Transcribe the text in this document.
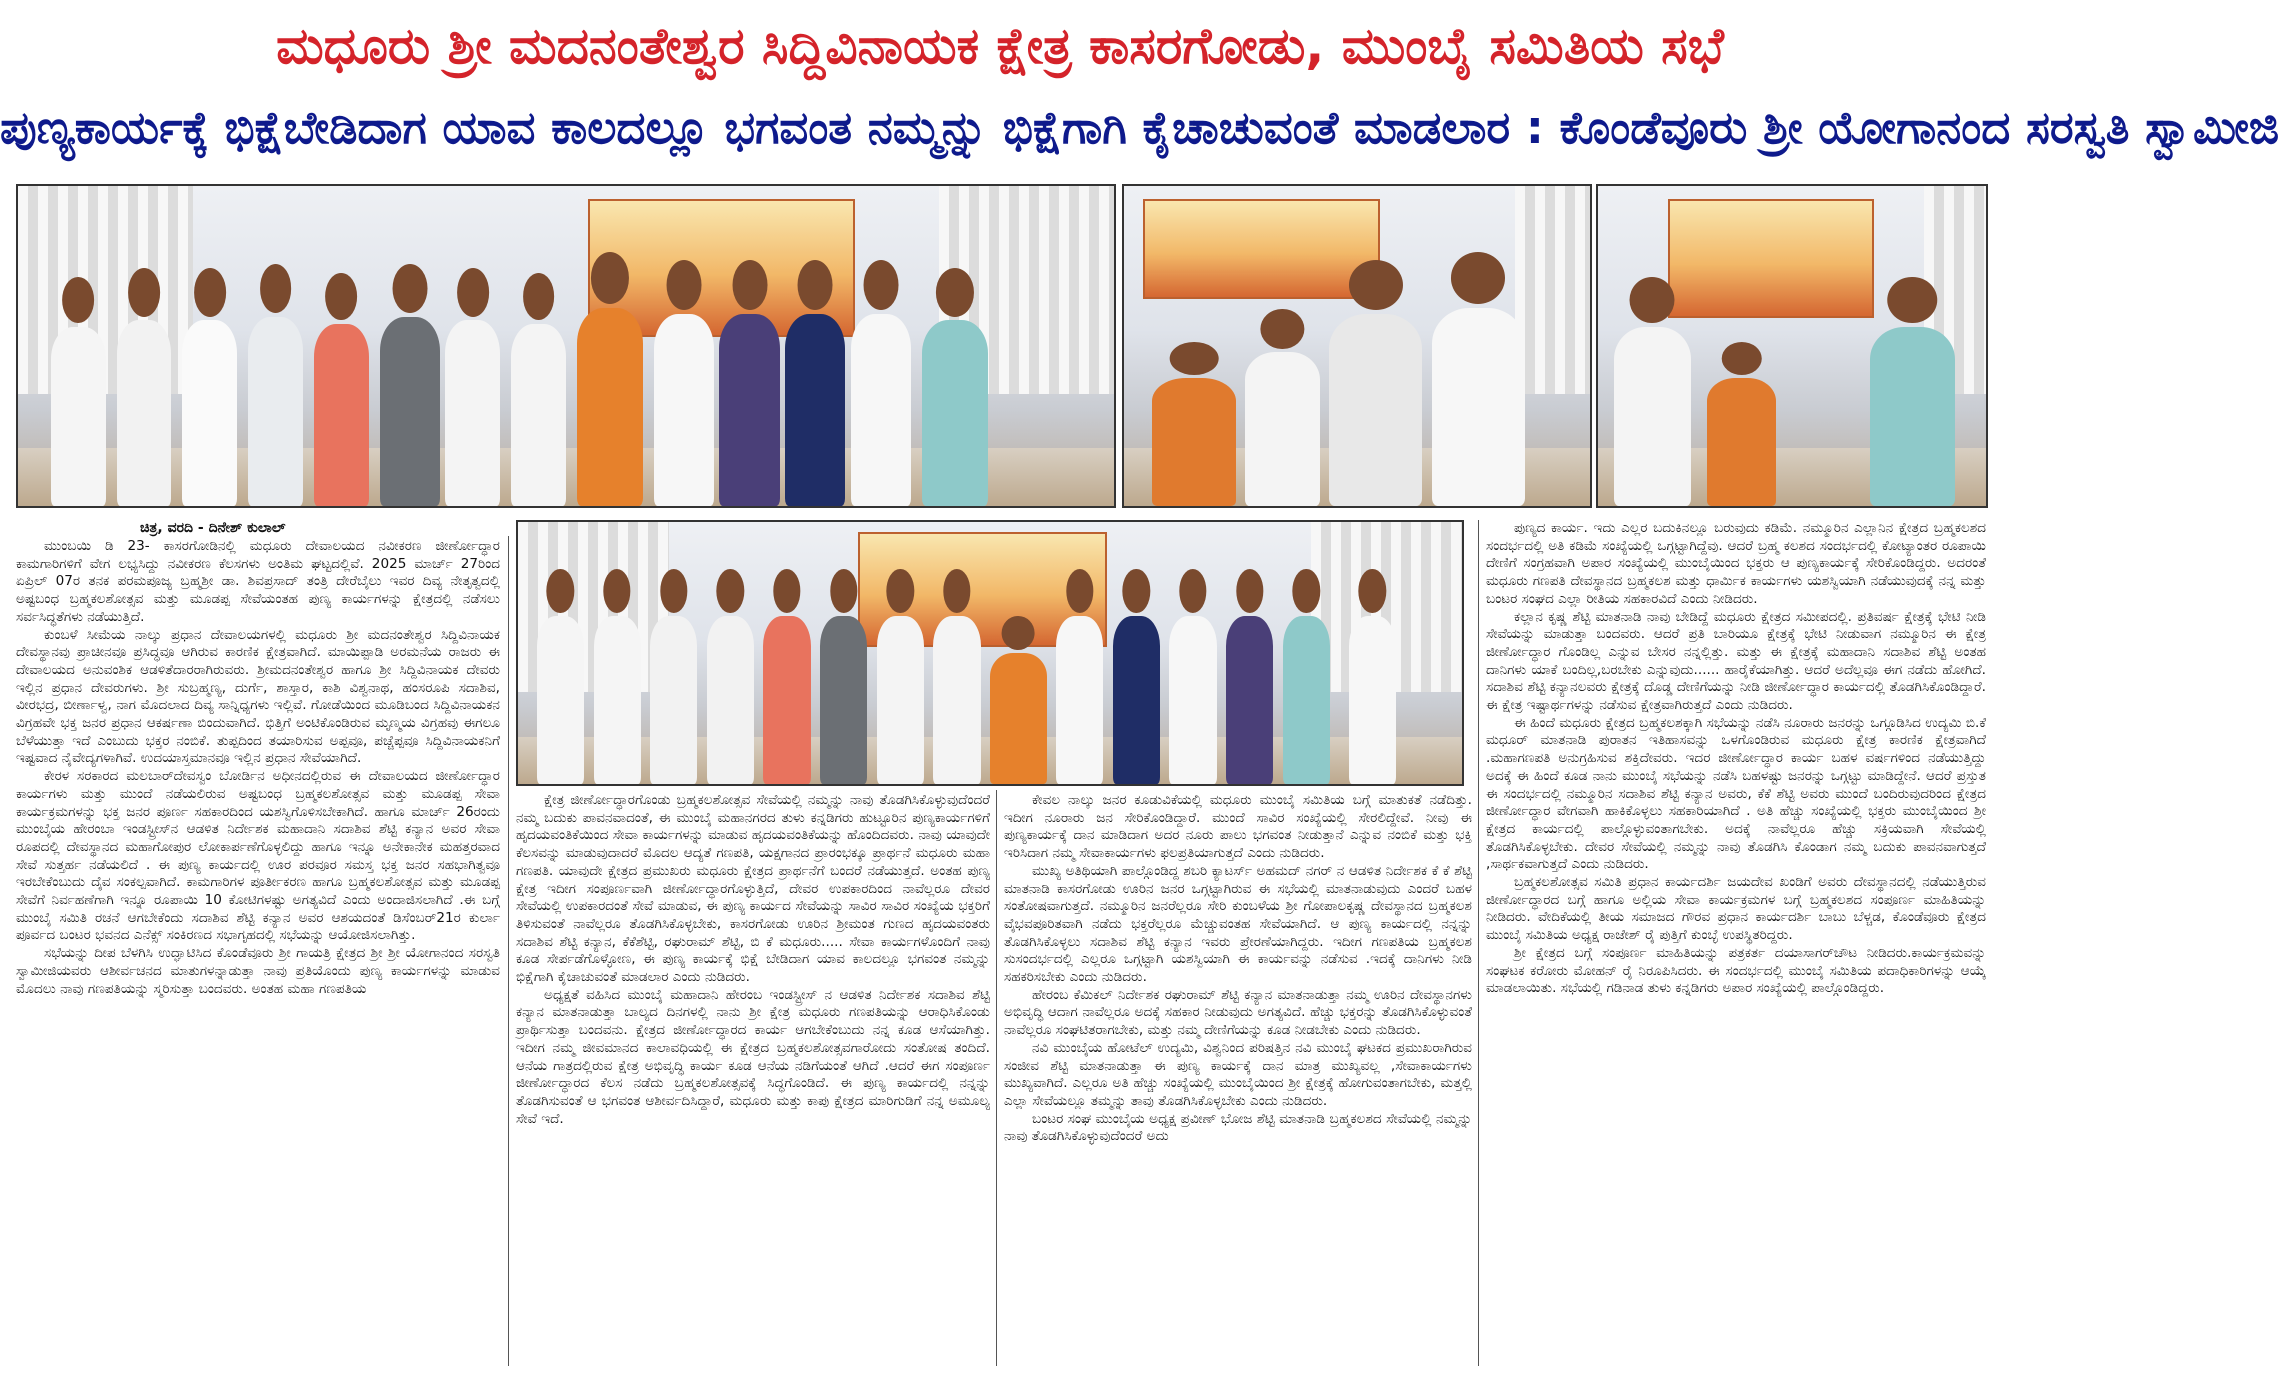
ಮಧೂರು ಶ್ರೀ ಮದನಂತೇಶ್ವರ ಸಿದ್ದಿವಿನಾಯಕ ಕ್ಷೇತ್ರ ಕಾಸರಗೋಡು, ಮುಂಬೈ ಸಮಿತಿಯ ಸಭೆ
ಪುಣ್ಯಕಾರ್ಯಕ್ಕೆ ಭಿಕ್ಷೆಬೇಡಿದಾಗ ಯಾವ ಕಾಲದಲ್ಲೂ ಭಗವಂತ ನಮ್ಮನ್ನು ಭಿಕ್ಷೆಗಾಗಿ ಕೈಚಾಚುವಂತೆ ಮಾಡಲಾರ : ಕೊಂಡೆವೂರು ಶ್ರೀ ಯೋಗಾನಂದ ಸರಸ್ವತಿ ಸ್ವಾಮೀಜಿ
ಚಿತ್ರ, ವರದಿ - ದಿನೇಶ್ ಕುಲಾಲ್

ಮುಂಬಯಿ ಡಿ 23- ಕಾಸರಗೋಡಿನಲ್ಲಿ ಮಧೂರು ದೇವಾಲಯದ ನವೀಕರಣ ಜೀರ್ಣೋದ್ಧಾರ ಕಾಮಗಾರಿಗಳಿಗೆ ವೇಗ ಲಭ್ಯಸಿದ್ದು ನವೀಕರಣ ಕೆಲಸಗಳು ಅಂತಿಮ ಘಟ್ಟದಲ್ಲಿವೆ. 2025 ಮಾರ್ಚ್ 27ರಿಂದ ಏಪ್ರಿಲ್ 07ರ ತನಕ ಪರಮಪೂಜ್ಯ ಬ್ರಹ್ಮಶ್ರೀ ಡಾ. ಶಿವಪ್ರಸಾದ್ ತಂತ್ರಿ ದೇರೆಬೈಲು ಇವರ ದಿವ್ಯ ನೇತೃತ್ವದಲ್ಲಿ ಅಷ್ಟಬಂಧ ಬ್ರಹ್ಮಕಲಶೋತ್ಸವ ಮತ್ತು ಮೂಡಪ್ಪ ಸೇವೆಯಂತಹ ಪುಣ್ಯ ಕಾರ್ಯಗಳನ್ನು ಕ್ಷೇತ್ರದಲ್ಲಿ ನಡೆಸಲು ಸರ್ವಸಿದ್ಧತೆಗಳು ನಡೆಯುತ್ತಿದೆ.

ಕುಂಬಳೆ ಸೀಮೆಯ ನಾಲ್ಕು ಪ್ರಧಾನ ದೇವಾಲಯಗಳಲ್ಲಿ ಮಧೂರು ಶ್ರೀ ಮದನಂತೇಶ್ವರ ಸಿದ್ದಿವಿನಾಯಕ ದೇವಸ್ಥಾನವು ಪ್ರಾಚೀನವೂ ಪ್ರಸಿದ್ಧವೂ ಆಗಿರುವ ಕಾರಣಿಕ ಕ್ಷೇತ್ರವಾಗಿದೆ. ಮಾಯಿಪ್ಪಾಡಿ ಅರಮನೆಯ ರಾಜರು ಈ ದೇವಾಲಯದ ಅನುವಂಶಿಕ ಆಡಳಿತೆದಾರರಾಗಿರುವರು. ಶ್ರೀಮದನಂತೇಶ್ವರ ಹಾಗೂ ಶ್ರೀ ಸಿದ್ದಿವಿನಾಯಕ ದೇವರು ಇಲ್ಲಿನ ಪ್ರಧಾನ ದೇವರುಗಳು. ಶ್ರೀ ಸುಬ್ರಹ್ಮಣ್ಯ, ದುರ್ಗೆ, ಶಾಸ್ತಾರ, ಕಾಶಿ ವಿಶ್ವನಾಥ, ಹಂಸರೂಪಿ ಸದಾಶಿವ, ವೀರಭದ್ರ, ಬೀರ್ಣಾಳ್ವ, ನಾಗ ಮೊದಲಾದ ದಿವ್ಯ ಸಾನ್ನಿಧ್ಯಗಳು ಇಲ್ಲಿವೆ. ಗೋಡೆಯಿಂದ ಮೂಡಿಬಂದ ಸಿದ್ದಿವಿನಾಯಕನ ವಿಗ್ರಹವೇ ಭಕ್ತ ಜನರ ಪ್ರಧಾನ ಆಕರ್ಷಣಾ ಬಿಂದುವಾಗಿದೆ. ಭಿತ್ತಿಗೆ ಅಂಟಿಕೊಂಡಿರುವ ಮೃಣ್ಮಯ ವಿಗ್ರಹವು ಈಗಲೂ ಬೆಳೆಯುತ್ತಾ ಇದೆ ಎಂಬುದು ಭಕ್ತರ ನಂಬಿಕೆ. ತುಪ್ಪದಿಂದ ತಯಾರಿಸುವ ಅಪ್ಪವೂ, ಪಚ್ಚೆಪ್ಪವೂ ಸಿದ್ದಿವಿನಾಯಕನಿಗೆ ಇಷ್ಟವಾದ ನೈವೇದ್ಯಗಳಾಗಿವೆ. ಉದಯಾಸ್ತಮಾನವೂ ಇಲ್ಲಿನ ಪ್ರಧಾನ ಸೇವೆಯಾಗಿದೆ.

ಕೇರಳ ಸರಕಾರದ ಮಲಬಾರ್‌ದೇವಸ್ವಂ ಬೋರ್ಡಿನ ಅಧೀನದಲ್ಲಿರುವ ಈ ದೇವಾಲಯದ ಜೀರ್ಣೋದ್ಧಾರ ಕಾರ್ಯಗಳು ಮತ್ತು ಮುಂದೆ ನಡೆಯಲಿರುವ ಅಷ್ಟಬಂಧ ಬ್ರಹ್ಮಕಲಶೋತ್ಸವ ಮತ್ತು ಮೂಡಪ್ಪ ಸೇವಾ ಕಾರ್ಯಕ್ರಮಗಳನ್ನು ಭಕ್ತ ಜನರ ಪೂರ್ಣ ಸಹಕಾರದಿಂದ ಯಶಸ್ವಿಗೊಳಿಸಬೇಕಾಗಿದೆ. ಹಾಗೂ ಮಾರ್ಚ್ 26ರಂದು ಮುಂಬೈಯ ಹೇರಂಬಾ ಇಂಡಸ್ಟ್ರೀಸ್‌ನ ಆಡಳಿತ ನಿರ್ದೇಶಕ ಮಹಾದಾನಿ ಸದಾಶಿವ ಶೆಟ್ಟಿ ಕನ್ಯಾನ ಅವರ ಸೇವಾ ರೂಪದಲ್ಲಿ ದೇವಸ್ಥಾನದ ಮಹಾಗೋಪುರ ಲೋಕಾರ್ಪಣೆಗೊಳ್ಳಲಿದ್ದು ಹಾಗೂ ಇನ್ನೂ ಅನೇಕಾನೇಕ ಮಹತ್ತರವಾದ ಸೇವೆ ಸುತ್ತರ್ಹ ನಡೆಯಲಿದೆ . ಈ ಪುಣ್ಯ ಕಾರ್ಯದಲ್ಲಿ ಊರ ಪರವೂರ ಸಮಸ್ತ ಭಕ್ತ ಜನರ ಸಹಭಾಗಿತ್ವವೂ ಇರಬೇಕೆಂಬುದು ದೈವ ಸಂಕಲ್ಪವಾಗಿದೆ. ಕಾಮಗಾರಿಗಳ ಪೂರ್ತೀಕರಣ ಹಾಗೂ ಬ್ರಹ್ಮಕಲಶೋತ್ಸವ ಮತ್ತು ಮೂಡಪ್ಪ ಸೇವೆಗೆ ನಿರ್ವಹಣೆಗಾಗಿ ಇನ್ನೂ ರೂಪಾಯಿ 10 ಕೋಟಿಗಳಷ್ಟು ಅಗತ್ಯವಿದೆ ಎಂದು ಅಂದಾಜಿಸಲಾಗಿದೆ .ಈ ಬಗ್ಗೆ ಮುಂಬೈ ಸಮಿತಿ ರಚನೆ ಆಗಬೇಕೆಂದು ಸದಾಶಿವ ಶೆಟ್ಟಿ ಕನ್ಯಾನ ಅವರ ಆಶಯದಂತೆ ಡಿಸೆಂಬರ್21ರ ಕುರ್ಲಾ ಪೂರ್ವದ ಬಂಟರ ಭವನದ ಎನೆಕ್ಸ್ ಸಂಕಿರಣದ ಸಭಾಗೃಹದಲ್ಲಿ ಸಭೆಯನ್ನು ಆಯೋಜಿಸಲಾಗಿತ್ತು.

ಸಭೆಯನ್ನು ದೀಪ ಬೆಳಗಿಸಿ ಉದ್ಘಾಟಿಸಿದ ಕೊಂಡೆವೂರು ಶ್ರೀ ಗಾಯತ್ರಿ ಕ್ಷೇತ್ರದ ಶ್ರೀ ಶ್ರೀ ಯೋಗಾನಂದ ಸರಸ್ವತಿ ಸ್ವಾಮೀಜಿಯವರು ಆಶೀರ್ವಚನದ ಮಾತುಗಳನ್ನಾಡುತ್ತಾ ನಾವು ಪ್ರತಿಯೊಂದು ಪುಣ್ಯ ಕಾರ್ಯಗಳನ್ನು ಮಾಡುವ ಮೊದಲು ನಾವು ಗಣಪತಿಯನ್ನು ಸ್ಮರಿಸುತ್ತಾ ಬಂದವರು. ಅಂತಹ ಮಹಾ ಗಣಪತಿಯ

ಕ್ಷೇತ್ರ ಜೀರ್ಣೋದ್ಧಾರಗೊಂಡು ಬ್ರಹ್ಮಕಲಶೋತ್ಸವ ಸೇವೆಯಲ್ಲಿ ನಮ್ಮನ್ನು ನಾವು ತೊಡಗಿಸಿಕೊಳ್ಳುವುದೆಂದರೆ ನಮ್ಮ ಬದುಕು ಪಾವನವಾದಂತೆ, ಈ ಮುಂಬೈ ಮಹಾನಗರದ ತುಳು ಕನ್ನಡಿಗರು ಹುಟ್ಟೂರಿನ ಪುಣ್ಯಕಾರ್ಯಗಳಿಗೆ ಹೃದಯವಂತಿಕೆಯಿಂದ ಸೇವಾ ಕಾರ್ಯಗಳನ್ನು ಮಾಡುವ ಹೃದಯವಂತಿಕೆಯನ್ನು ಹೊಂದಿದವರು. ನಾವು ಯಾವುದೇ ಕೆಲಸವನ್ನು ಮಾಡುವುದಾದರೆ ಮೊದಲ ಆದ್ಯತೆ ಗಣಪತಿ, ಯಕ್ಷಗಾನದ ಪ್ರಾರಂಭಕ್ಕೂ ಪ್ರಾರ್ಥನೆ ಮಧೂರು ಮಹಾ ಗಣಪತಿ. ಯಾವುದೇ ಕ್ಷೇತ್ರದ ಪ್ರಮುಖರು ಮಧೂರು ಕ್ಷೇತ್ರದ ಪ್ರಾರ್ಥನೆಗೆ ಬಂದರೆ ನಡೆಯುತ್ತದೆ. ಅಂತಹ ಪುಣ್ಯ ಕ್ಷೇತ್ರ ಇದೀಗ ಸಂಪೂರ್ಣವಾಗಿ ಜೀರ್ಣೋದ್ಧಾರಗೊಳ್ಳುತ್ತಿದೆ, ದೇವರ ಉಪಕಾರದಿಂದ ನಾವೆಲ್ಲರೂ ದೇವರ ಸೇವೆಯಲ್ಲಿ ಉಪಕಾರದಂತೆ ಸೇವೆ ಮಾಡುವ, ಈ ಪುಣ್ಯ ಕಾರ್ಯದ ಸೇವೆಯನ್ನು ಸಾವಿರ ಸಾವಿರ ಸಂಖ್ಯೆಯ ಭಕ್ತರಿಗೆ ತಿಳಿಸುವಂತೆ ನಾವೆಲ್ಲರೂ ತೊಡಗಿಸಿಕೊಳ್ಳಬೇಕು, ಕಾಸರಗೋಡು ಊರಿನ ಶ್ರೀಮಂತ ಗುಣದ ಹೃದಯವಂತರು ಸದಾಶಿವ ಶೆಟ್ಟಿ ಕನ್ಯಾನ, ಕೆಕೆಶೆಟ್ಟಿ, ರಘುರಾಮ್ ಶೆಟ್ಟಿ, ಬಿ ಕೆ ಮಧೂರು..... ಸೇವಾ ಕಾರ್ಯಗಳೊಂದಿಗೆ ನಾವು ಕೂಡ ಸೇರ್ಪಡೆಗೊಳ್ಳೋಣ, ಈ ಪುಣ್ಯ ಕಾರ್ಯಕ್ಕೆ ಭಿಕ್ಷೆ ಬೇಡಿದಾಗ ಯಾವ ಕಾಲದಲ್ಲೂ ಭಗವಂತ ನಮ್ಮನ್ನು ಭಿಕ್ಷೆಗಾಗಿ ಕೈಚಾಚುವಂತೆ ಮಾಡಲಾರ ಎಂದು ನುಡಿದರು.

ಅಧ್ಯಕ್ಷತೆ ವಹಿಸಿದ ಮುಂಬೈ ಮಹಾದಾನಿ ಹೇರಂಬ ಇಂಡಸ್ಟ್ರೀಸ್ ನ ಆಡಳಿತ ನಿರ್ದೇಶಕ ಸದಾಶಿವ ಶೆಟ್ಟಿ ಕನ್ಯಾನ ಮಾತನಾಡುತ್ತಾ ಬಾಲ್ಯದ ದಿನಗಳಲ್ಲಿ ನಾನು ಶ್ರೀ ಕ್ಷೇತ್ರ ಮಧೂರು ಗಣಪತಿಯನ್ನು ಆರಾಧಿಸಿಕೊಂಡು ಪ್ರಾರ್ಥಿಸುತ್ತಾ ಬಂದವನು. ಕ್ಷೇತ್ರದ ಜೀರ್ಣೋದ್ಧಾರದ ಕಾರ್ಯ ಆಗಬೇಕೆಂಬುದು ನನ್ನ ಕೂಡ ಆಸೆಯಾಗಿತ್ತು. ಇದೀಗ ನಮ್ಮ ಜೀವಮಾನದ ಕಾಲಾವಧಿಯಲ್ಲಿ ಈ ಕ್ಷೇತ್ರದ ಬ್ರಹ್ಮಕಲಶೋತ್ಸವಗಾರೋದು ಸಂತೋಷ ತಂದಿದೆ. ಆನೆಯ ಗಾತ್ರದಲ್ಲಿರುವ ಕ್ಷೇತ್ರ ಅಭಿವೃದ್ಧಿ ಕಾರ್ಯ ಕೂಡ ಆನೆಯ ನಡಿಗೆಯಂತೆ ಆಗಿದೆ .ಆದರೆ ಈಗ ಸಂಪೂರ್ಣ ಜೀರ್ಣೋದ್ಧಾರದ ಕೆಲಸ ನಡೆದು ಬ್ರಹ್ಮಕಲಶೋತ್ಸವಕ್ಕೆ ಸಿದ್ಧಗೊಂಡಿದೆ. ಈ ಪುಣ್ಯ ಕಾರ್ಯದಲ್ಲಿ ನನ್ನನ್ನು ತೊಡಗಿಸುವಂತೆ ಆ ಭಗವಂತ ಆಶೀರ್ವದಿಸಿದ್ದಾರೆ, ಮಧೂರು ಮತ್ತು ಕಾಪು ಕ್ಷೇತ್ರದ ಮಾರಿಗುಡಿಗೆ ನನ್ನ ಅಮೂಲ್ಯ ಸೇವೆ ಇದೆ.

ಕೇವಲ ನಾಲ್ಕು ಜನರ ಕೂಡುವಿಕೆಯಲ್ಲಿ ಮಧೂರು ಮುಂಬೈ ಸಮಿತಿಯ ಬಗ್ಗೆ ಮಾತುಕತೆ ನಡೆದಿತ್ತು. ಇದೀಗ ನೂರಾರು ಜನ ಸೇರಿಕೊಂಡಿದ್ದಾರೆ. ಮುಂದೆ ಸಾವಿರ ಸಂಖ್ಯೆಯಲ್ಲಿ ಸೇರಲಿದ್ದೇವೆ. ನೀವು ಈ ಪುಣ್ಯಕಾರ್ಯಕ್ಕೆ ದಾನ ಮಾಡಿದಾಗ ಅದರ ನೂರು ಪಾಲು ಭಗವಂತ ನೀಡುತ್ತಾನೆ ಎನ್ನುವ ನಂಬಿಕೆ ಮತ್ತು ಭಕ್ತಿ ಇರಿಸಿದಾಗ ನಮ್ಮ ಸೇವಾಕಾರ್ಯಗಳು ಫಲಪ್ರತಿಯಾಗುತ್ತದೆ ಎಂದು ನುಡಿದರು.

ಮುಖ್ಯ ಅತಿಥಿಯಾಗಿ ಪಾಲ್ಗೊಂಡಿದ್ದ ಶಬರಿ ಕ್ಯಾಟರ್ಸ್ ಅಹಮದ್ ನಗರ್ ನ ಆಡಳಿತ ನಿರ್ದೇಶಕ ಕೆ ಕೆ ಶೆಟ್ಟಿ ಮಾತನಾಡಿ ಕಾಸರಗೋಡು ಊರಿನ ಜನರ ಒಗ್ಗಟ್ಟಾಗಿರುವ ಈ ಸಭೆಯಲ್ಲಿ ಮಾತನಾಡುವುದು ಎಂದರೆ ಬಹಳ ಸಂತೋಷವಾಗುತ್ತದೆ. ನಮ್ಮೂರಿನ ಜನರೆಲ್ಲರೂ ಸೇರಿ ಕುಂಬಳೆಯ ಶ್ರೀ ಗೋಪಾಲಕೃಷ್ಣ ದೇವಸ್ಥಾನದ ಬ್ರಹ್ಮಕಲಶ ವೈಭವಪೂರಿತವಾಗಿ ನಡೆದು ಭಕ್ತರೆಲ್ಲರೂ ಮೆಚ್ಚುವಂತಹ ಸೇವೆಯಾಗಿದೆ. ಆ ಪುಣ್ಯ ಕಾರ್ಯದಲ್ಲಿ ನನ್ನನ್ನು ತೊಡಗಿಸಿಕೊಳ್ಳಲು ಸದಾಶಿವ ಶೆಟ್ಟಿ ಕನ್ಯಾನ ಇವರು ಪ್ರೇರಣೆಯಾಗಿದ್ದರು. ಇದೀಗ ಗಣಪತಿಯ ಬ್ರಹ್ಮಕಲಶ ಸುಸಂದರ್ಭದಲ್ಲಿ ಎಲ್ಲರೂ ಒಗ್ಗಟ್ಟಾಗಿ ಯಶಸ್ವಿಯಾಗಿ ಈ ಕಾರ್ಯವನ್ನು ನಡೆಸುವ .ಇದಕ್ಕೆ ದಾನಿಗಳು ನೀಡಿ ಸಹಕರಿಸಬೇಕು ಎಂದು ನುಡಿದರು.

ಹೇರಂಬ ಕೆಮಿಕಲ್ ನಿರ್ದೇಶಕ ರಘುರಾಮ್ ಶೆಟ್ಟಿ ಕನ್ಯಾನ ಮಾತನಾಡುತ್ತಾ ನಮ್ಮ ಊರಿನ ದೇವಸ್ಥಾನಗಳು ಅಭಿವೃದ್ಧಿ ಆದಾಗ ನಾವೆಲ್ಲರೂ ಅದಕ್ಕೆ ಸಹಕಾರ ನೀಡುವುದು ಅಗತ್ಯವಿದೆ. ಹೆಚ್ಚು ಭಕ್ತರನ್ನು ತೊಡಗಿಸಿಕೊಳ್ಳುವಂತೆ ನಾವೆಲ್ಲರೂ ಸಂಘಟಿತರಾಗಬೇಕು, ಮತ್ತು ನಮ್ಮ ದೇಣಿಗೆಯನ್ನು ಕೂಡ ನೀಡಬೇಕು ಎಂದು ನುಡಿದರು.

ನವಿ ಮುಂಬೈಯ ಹೋಟೆಲ್ ಉದ್ಯಮಿ, ವಿಶ್ವನಿಂದ ಪರಿಷತ್ತಿನ ನವಿ ಮುಂಬೈ ಘಟಕದ ಪ್ರಮುಖರಾಗಿರುವ ಸಂಜೀವ ಶೆಟ್ಟಿ ಮಾತನಾಡುತ್ತಾ ಈ ಪುಣ್ಯ ಕಾರ್ಯಕ್ಕೆ ದಾನ ಮಾತ್ರ ಮುಖ್ಯವಲ್ಲ ,ಸೇವಾಕಾರ್ಯಗಳು ಮುಖ್ಯವಾಗಿದೆ. ಎಲ್ಲರೂ ಅತಿ ಹೆಚ್ಚು ಸಂಖ್ಯೆಯಲ್ಲಿ ಮುಂಬೈಯಿಂದ ಶ್ರೀ ಕ್ಷೇತ್ರಕ್ಕೆ ಹೋಗುವಂತಾಗಬೇಕು, ಮತ್ತಲ್ಲಿ ಎಲ್ಲಾ ಸೇವೆಯಲ್ಲೂ ತಮ್ಮನ್ನು ತಾವು ತೊಡಗಿಸಿಕೊಳ್ಳಬೇಕು ಎಂದು ನುಡಿದರು.

ಬಂಟರ ಸಂಘ ಮುಂಬೈಯ ಅಧ್ಯಕ್ಷ ಪ್ರವೀಣ್ ಭೋಜ ಶೆಟ್ಟಿ ಮಾತನಾಡಿ ಬ್ರಹ್ಮಕಲಶದ ಸೇವೆಯಲ್ಲಿ ನಮ್ಮನ್ನು ನಾವು ತೊಡಗಿಸಿಕೊಳ್ಳುವುದೆಂದರೆ ಅದು

ಪುಣ್ಯದ ಕಾರ್ಯ. ಇದು ಎಲ್ಲರ ಬದುಕಿನಲ್ಲೂ ಬರುವುದು ಕಡಿಮೆ. ನಮ್ಮೂರಿನ ಎಲ್ಲಾನಿನ ಕ್ಷೇತ್ರದ ಬ್ರಹ್ಮಕಲಶದ ಸಂದರ್ಭದಲ್ಲಿ ಅತಿ ಕಡಿಮೆ ಸಂಖ್ಯೆಯಲ್ಲಿ ಒಗ್ಗಟ್ಟಾಗಿದ್ದೆವು. ಆದರೆ ಬ್ರಹ್ಮ ಕಲಶದ ಸಂದರ್ಭದಲ್ಲಿ ಕೋಟ್ಯಾಂತರ ರೂಪಾಯಿ ದೇಣಿಗೆ ಸಂಗ್ರಹವಾಗಿ ಅಪಾರ ಸಂಖ್ಯೆಯಲ್ಲಿ ಮುಂಬೈಯಿಂದ ಭಕ್ತರು ಆ ಪುಣ್ಯಕಾರ್ಯಕ್ಕೆ ಸೇರಿಕೊಂಡಿದ್ದರು. ಅದರಂತೆ ಮಧೂರು ಗಣಪತಿ ದೇವಸ್ಥಾನದ ಬ್ರಹ್ಮಕಲಶ ಮತ್ತು ಧಾರ್ಮಿಕ ಕಾರ್ಯಗಳು ಯಶಸ್ವಿಯಾಗಿ ನಡೆಯುವುದಕ್ಕೆ ನನ್ನ ಮತ್ತು ಬಂಟರ ಸಂಘದ ಎಲ್ಲಾ ರೀತಿಯ ಸಹಕಾರವಿದೆ ಎಂದು ನೀಡಿದರು.

ಕಲ್ಲಾನ ಕೃಷ್ಣ ಶೆಟ್ಟಿ ಮಾತನಾಡಿ ನಾವು ಬೇಡಿದ್ದೆ ಮಧೂರು ಕ್ಷೇತ್ರದ ಸಮೀಪದಲ್ಲಿ. ಪ್ರತಿವರ್ಷ ಕ್ಷೇತ್ರಕ್ಕೆ ಭೇಟಿ ನೀಡಿ ಸೇವೆಯನ್ನು ಮಾಡುತ್ತಾ ಬಂದವರು. ಆದರೆ ಪ್ರತಿ ಬಾರಿಯೂ ಕ್ಷೇತ್ರಕ್ಕೆ ಭೇಟಿ ನೀಡುವಾಗ ನಮ್ಮೂರಿನ ಈ ಕ್ಷೇತ್ರ ಜೀರ್ಣೋದ್ಧಾರ ಗೊಂಡಿಲ್ಲ ಎನ್ನುವ ಬೇಸರ ನನ್ನಲ್ಲಿತ್ತು. ಮತ್ತು ಈ ಕ್ಷೇತ್ರಕ್ಕೆ ಮಹಾದಾನಿ ಸದಾಶಿವ ಶೆಟ್ಟಿ ಅಂತಹ ದಾನಿಗಳು ಯಾಕೆ ಬಂದಿಲ್ಲ,ಬರಬೇಕು ಎನ್ನುವುದು...... ಹಾರೈಕೆಯಾಗಿತ್ತು. ಆದರೆ ಅದೆಲ್ಲವೂ ಈಗ ನಡೆದು ಹೋಗಿದೆ. ಸದಾಶಿವ ಶೆಟ್ಟಿ ಕನ್ಯಾನಲವರು ಕ್ಷೇತ್ರಕ್ಕೆ ದೊಡ್ಡ ದೇಣಿಗೆಯನ್ನು ನೀಡಿ ಜೀರ್ಣೋದ್ಧಾರ ಕಾರ್ಯದಲ್ಲಿ ತೊಡಗಿಸಿಕೊಂಡಿದ್ದಾರೆ. ಈ ಕ್ಷೇತ್ರ ಇಷ್ಟಾರ್ಥಗಳನ್ನು ನಡೆಸುವ ಕ್ಷೇತ್ರವಾಗಿರುತ್ತದೆ ಎಂದು ನುಡಿದರು.

ಈ ಹಿಂದೆ ಮಧೂರು ಕ್ಷೇತ್ರದ ಬ್ರಹ್ಮಕಲಶಕ್ಕಾಗಿ ಸಭೆಯನ್ನು ನಡೆಸಿ ನೂರಾರು ಜನರನ್ನು ಒಗ್ಗೂಡಿಸಿದ ಉದ್ಯಮಿ ಬಿ.ಕೆ ಮಧೂರ್ ಮಾತನಾಡಿ ಪುರಾತನ ಇತಿಹಾಸವನ್ನು ಒಳಗೊಂಡಿರುವ ಮಧೂರು ಕ್ಷೇತ್ರ ಕಾರಣಿಕ ಕ್ಷೇತ್ರವಾಗಿದೆ .ಮಹಾಗಣಪತಿ ಅನುಗ್ರಹಿಸುವ ಶಕ್ತಿದೇವರು. ಇದರ ಜೀರ್ಣೋದ್ಧಾರ ಕಾರ್ಯ ಬಹಳ ವರ್ಷಗಳಿಂದ ನಡೆಯುತ್ತಿದ್ದು ಅದಕ್ಕೆ ಈ ಹಿಂದೆ ಕೂಡ ನಾನು ಮುಂಬೈ ಸಭೆಯನ್ನು ನಡೆಸಿ ಬಹಳಷ್ಟು ಜನರನ್ನು ಒಗ್ಗಟ್ಟು ಮಾಡಿದ್ದೇನೆ. ಆದರೆ ಪ್ರಸ್ತುತ ಈ ಸಂದರ್ಭದಲ್ಲಿ ನಮ್ಮೂರಿನ ಸದಾಶಿವ ಶೆಟ್ಟಿ ಕನ್ಯಾನ ಅವರು, ಕೆಕೆ ಶೆಟ್ಟಿ ಅವರು ಮುಂದೆ ಬಂದಿರುವುದರಿಂದ ಕ್ಷೇತ್ರದ ಜೀರ್ಣೋದ್ಧಾರ ವೇಗವಾಗಿ ಹಾಕಿಕೊಳ್ಳಲು ಸಹಕಾರಿಯಾಗಿದೆ . ಅತಿ ಹೆಚ್ಚು ಸಂಖ್ಯೆಯಲ್ಲಿ ಭಕ್ತರು ಮುಂಬೈಯಿಂದ ಶ್ರೀ ಕ್ಷೇತ್ರದ ಕಾರ್ಯದಲ್ಲಿ ಪಾಲ್ಗೊಳ್ಳುವಂತಾಗಬೇಕು. ಅದಕ್ಕೆ ನಾವೆಲ್ಲರೂ ಹೆಚ್ಚು ಸಕ್ರಿಯವಾಗಿ ಸೇವೆಯಲ್ಲಿ ತೊಡಗಿಸಿಕೊಳ್ಳಬೇಕು. ದೇವರ ಸೇವೆಯಲ್ಲಿ ನಮ್ಮನ್ನು ನಾವು ತೊಡಗಿಸಿ ಕೊಂಡಾಗ ನಮ್ಮ ಬದುಕು ಪಾವನವಾಗುತ್ತದೆ ,ಸಾರ್ಥಕವಾಗುತ್ತದೆ ಎಂದು ನುಡಿದರು.

ಬ್ರಹ್ಮಕಲಶೋತ್ಸವ ಸಮಿತಿ ಪ್ರಧಾನ ಕಾರ್ಯದರ್ಶಿ ಜಯದೇವ ಖಂಡಿಗೆ ಅವರು ದೇವಸ್ಥಾನದಲ್ಲಿ ನಡೆಯುತ್ತಿರುವ ಜೀರ್ಣೋದ್ಧಾರದ ಬಗ್ಗೆ ಹಾಗೂ ಅಲ್ಲಿಯ ಸೇವಾ ಕಾರ್ಯಕ್ರಮಗಳ ಬಗ್ಗೆ ಬ್ರಹ್ಮಕಲಶದ ಸಂಪೂರ್ಣ ಮಾಹಿತಿಯನ್ನು ನೀಡಿದರು. ವೇದಿಕೆಯಲ್ಲಿ ತೀಯ ಸಮಾಜದ ಗೌರವ ಪ್ರಧಾನ ಕಾರ್ಯದರ್ಶಿ ಬಾಬು ಬೆಳ್ಚಡ, ಕೊಂಡೆವೂರು ಕ್ಷೇತ್ರದ ಮುಂಬೈ ಸಮಿತಿಯ ಅಧ್ಯಕ್ಷ ರಾಜೇಶ್ ರೈ ಪುತ್ತಿಗೆ ಕುಂಬ್ಳೆ ಉಪಸ್ಥಿತರಿದ್ದರು.

ಶ್ರೀ ಕ್ಷೇತ್ರದ ಬಗ್ಗೆ ಸಂಪೂರ್ಣ ಮಾಹಿತಿಯನ್ನು ಪತ್ರಕರ್ತ ದಯಾಸಾಗರ್‌ಚೌಟ ನೀಡಿದರು.ಕಾರ್ಯಕ್ರಮವನ್ನು ಸಂಘಟಕ ಕರೋರು ಮೋಹನ್ ರೈ ನಿರೂಪಿಸಿದರು. ಈ ಸಂದರ್ಭದಲ್ಲಿ ಮುಂಬೈ ಸಮಿತಿಯ ಪದಾಧಿಕಾರಿಗಳನ್ನು ಆಯ್ಕೆ ಮಾಡಲಾಯಿತು. ಸಭೆಯಲ್ಲಿ ಗಡಿನಾಡ ತುಳು ಕನ್ನಡಿಗರು ಅಪಾರ ಸಂಖ್ಯೆಯಲ್ಲಿ ಪಾಲ್ಗೊಂಡಿದ್ದರು.
